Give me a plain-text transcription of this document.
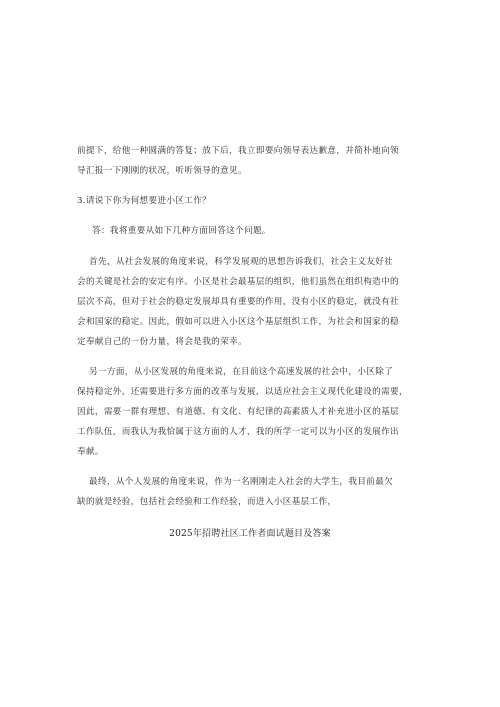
前提下，给他一种圆满的答复；放下后，我立即要向领导表达歉意，并简朴地向领
导汇报一下刚刚的状况，听听领导的意见。
3.请说下你为何想要进小区工作？
答：我将重要从如下几种方面回答这个问题。
首先，从社会发展的角度来说，科学发展观的思想告诉我们，社会主义友好社
会的关键是社会的安定有序。小区是社会最基层的组织，他们虽然在组织构造中的
层次不高，但对于社会的稳定发展却具有重要的作用，没有小区的稳定，就没有社
会和国家的稳定。因此，假如可以进入小区这个基层组织工作，为社会和国家的稳
定奉献自己的一份力量，将会是我的荣幸。
另一方面，从小区发展的角度来说，在目前这个高速发展的社会中，小区除了
保持稳定外，还需要进行多方面的改革与发展，以适应社会主义现代化建设的需要，
因此，需要一群有理想、有道德、有文化、有纪律的高素质人才补充进小区的基层
工作队伍，而我认为我恰属于这方面的人才，我的所学一定可以为小区的发展作出
奉献。
最终，从个人发展的角度来说，作为一名刚刚走入社会的大学生，我目前最欠
缺的就是经验，包括社会经验和工作经验，而进入小区基层工作，
2025年招聘社区工作者面试题目及答案
